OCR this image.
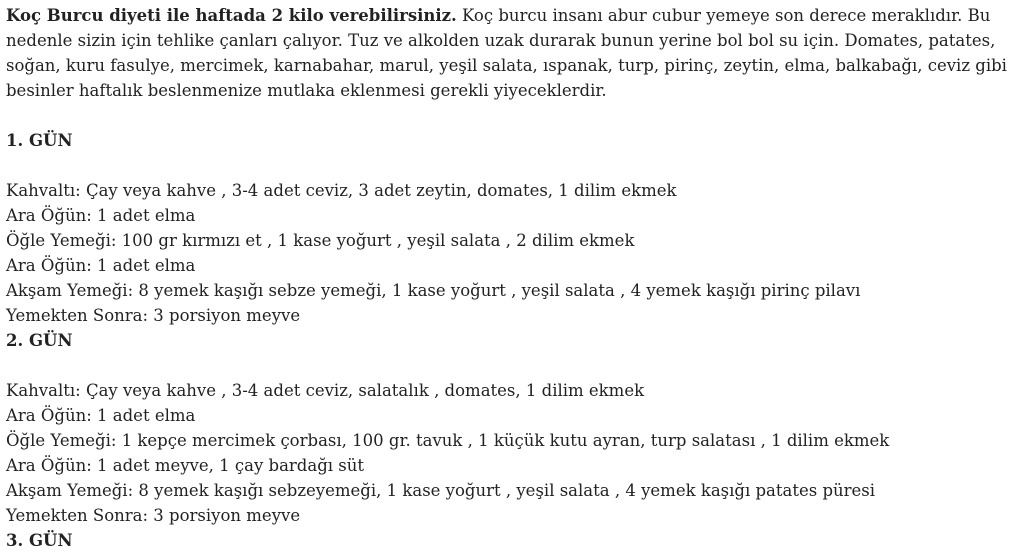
Koç Burcu diyeti ile haftada 2 kilo verebilirsiniz. Koç burcu insanı abur cubur yemeye son derece meraklıdır. Bu nedenle sizin için tehlike çanları çalıyor. Tuz ve alkolden uzak durarak bunun yerine bol bol su için. Domates, patates, soğan, kuru fasulye, mercimek, karnabahar, marul, yeşil salata, ıspanak, turp, pirinç, zeytin, elma, balkabağı, ceviz gibi besinler haftalık beslenmenize mutlaka eklenmesi gerekli yiyeceklerdir.

1. GÜN

Kahvaltı: Çay veya kahve , 3-4 adet ceviz, 3 adet zeytin, domates, 1 dilim ekmek

Ara Öğün: 1 adet elma

Öğle Yemeği: 100 gr kırmızı et , 1 kase yoğurt , yeşil salata , 2 dilim ekmek

Ara Öğün: 1 adet elma

Akşam Yemeği: 8 yemek kaşığı sebze yemeği, 1 kase yoğurt , yeşil salata , 4 yemek kaşığı pirinç pilavı

Yemekten Sonra: 3 porsiyon meyve

2. GÜN

Kahvaltı: Çay veya kahve , 3-4 adet ceviz, salatalık , domates, 1 dilim ekmek

Ara Öğün: 1 adet elma

Öğle Yemeği: 1 kepçe mercimek çorbası, 100 gr. tavuk , 1 küçük kutu ayran, turp salatası , 1 dilim ekmek

Ara Öğün: 1 adet meyve, 1 çay bardağı süt

Akşam Yemeği: 8 yemek kaşığı sebzeyemeği, 1 kase yoğurt , yeşil salata , 4 yemek kaşığı patates püresi

Yemekten Sonra: 3 porsiyon meyve

3. GÜN
